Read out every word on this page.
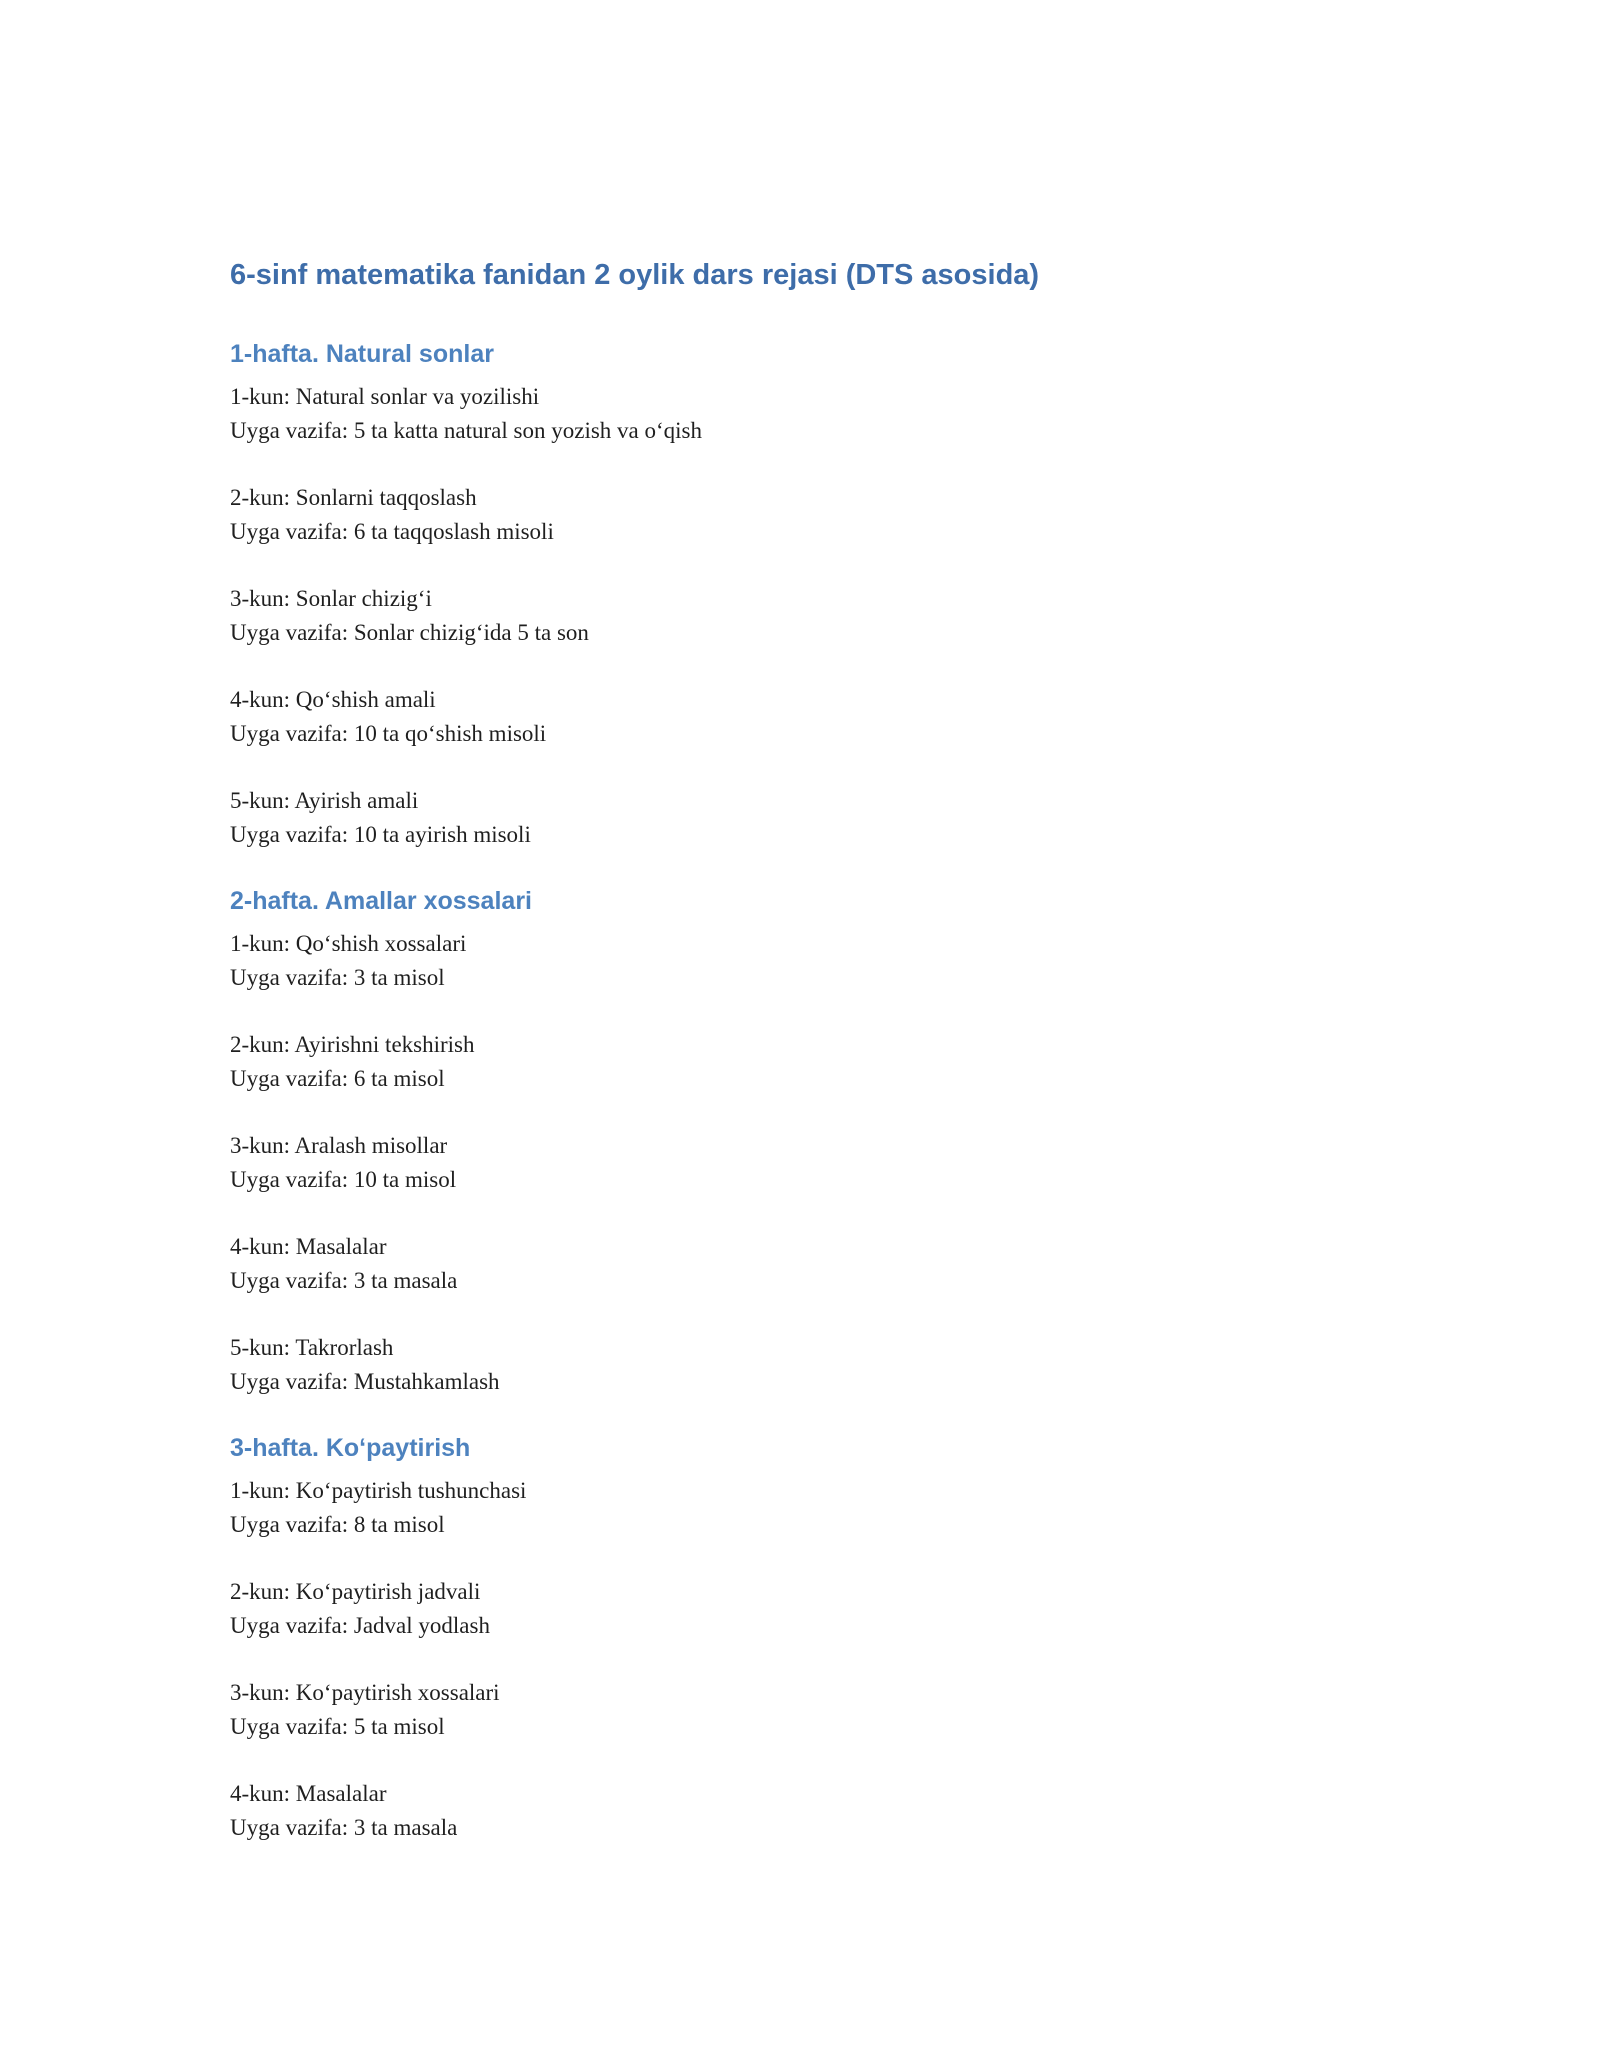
6-sinf matematika fanidan 2 oylik dars rejasi (DTS asosida)
1-hafta. Natural sonlar

1-kun: Natural sonlar va yozilishi
Uyga vazifa: 5 ta katta natural son yozish va o‘qish

2-kun: Sonlarni taqqoslash
Uyga vazifa: 6 ta taqqoslash misoli

3-kun: Sonlar chizig‘i
Uyga vazifa: Sonlar chizig‘ida 5 ta son

4-kun: Qo‘shish amali
Uyga vazifa: 10 ta qo‘shish misoli

5-kun: Ayirish amali
Uyga vazifa: 10 ta ayirish misoli

2-hafta. Amallar xossalari

1-kun: Qo‘shish xossalari
Uyga vazifa: 3 ta misol

2-kun: Ayirishni tekshirish
Uyga vazifa: 6 ta misol

3-kun: Aralash misollar
Uyga vazifa: 10 ta misol

4-kun: Masalalar
Uyga vazifa: 3 ta masala

5-kun: Takrorlash
Uyga vazifa: Mustahkamlash

3-hafta. Ko‘paytirish

1-kun: Ko‘paytirish tushunchasi
Uyga vazifa: 8 ta misol

2-kun: Ko‘paytirish jadvali
Uyga vazifa: Jadval yodlash

3-kun: Ko‘paytirish xossalari
Uyga vazifa: 5 ta misol

4-kun: Masalalar
Uyga vazifa: 3 ta masala
